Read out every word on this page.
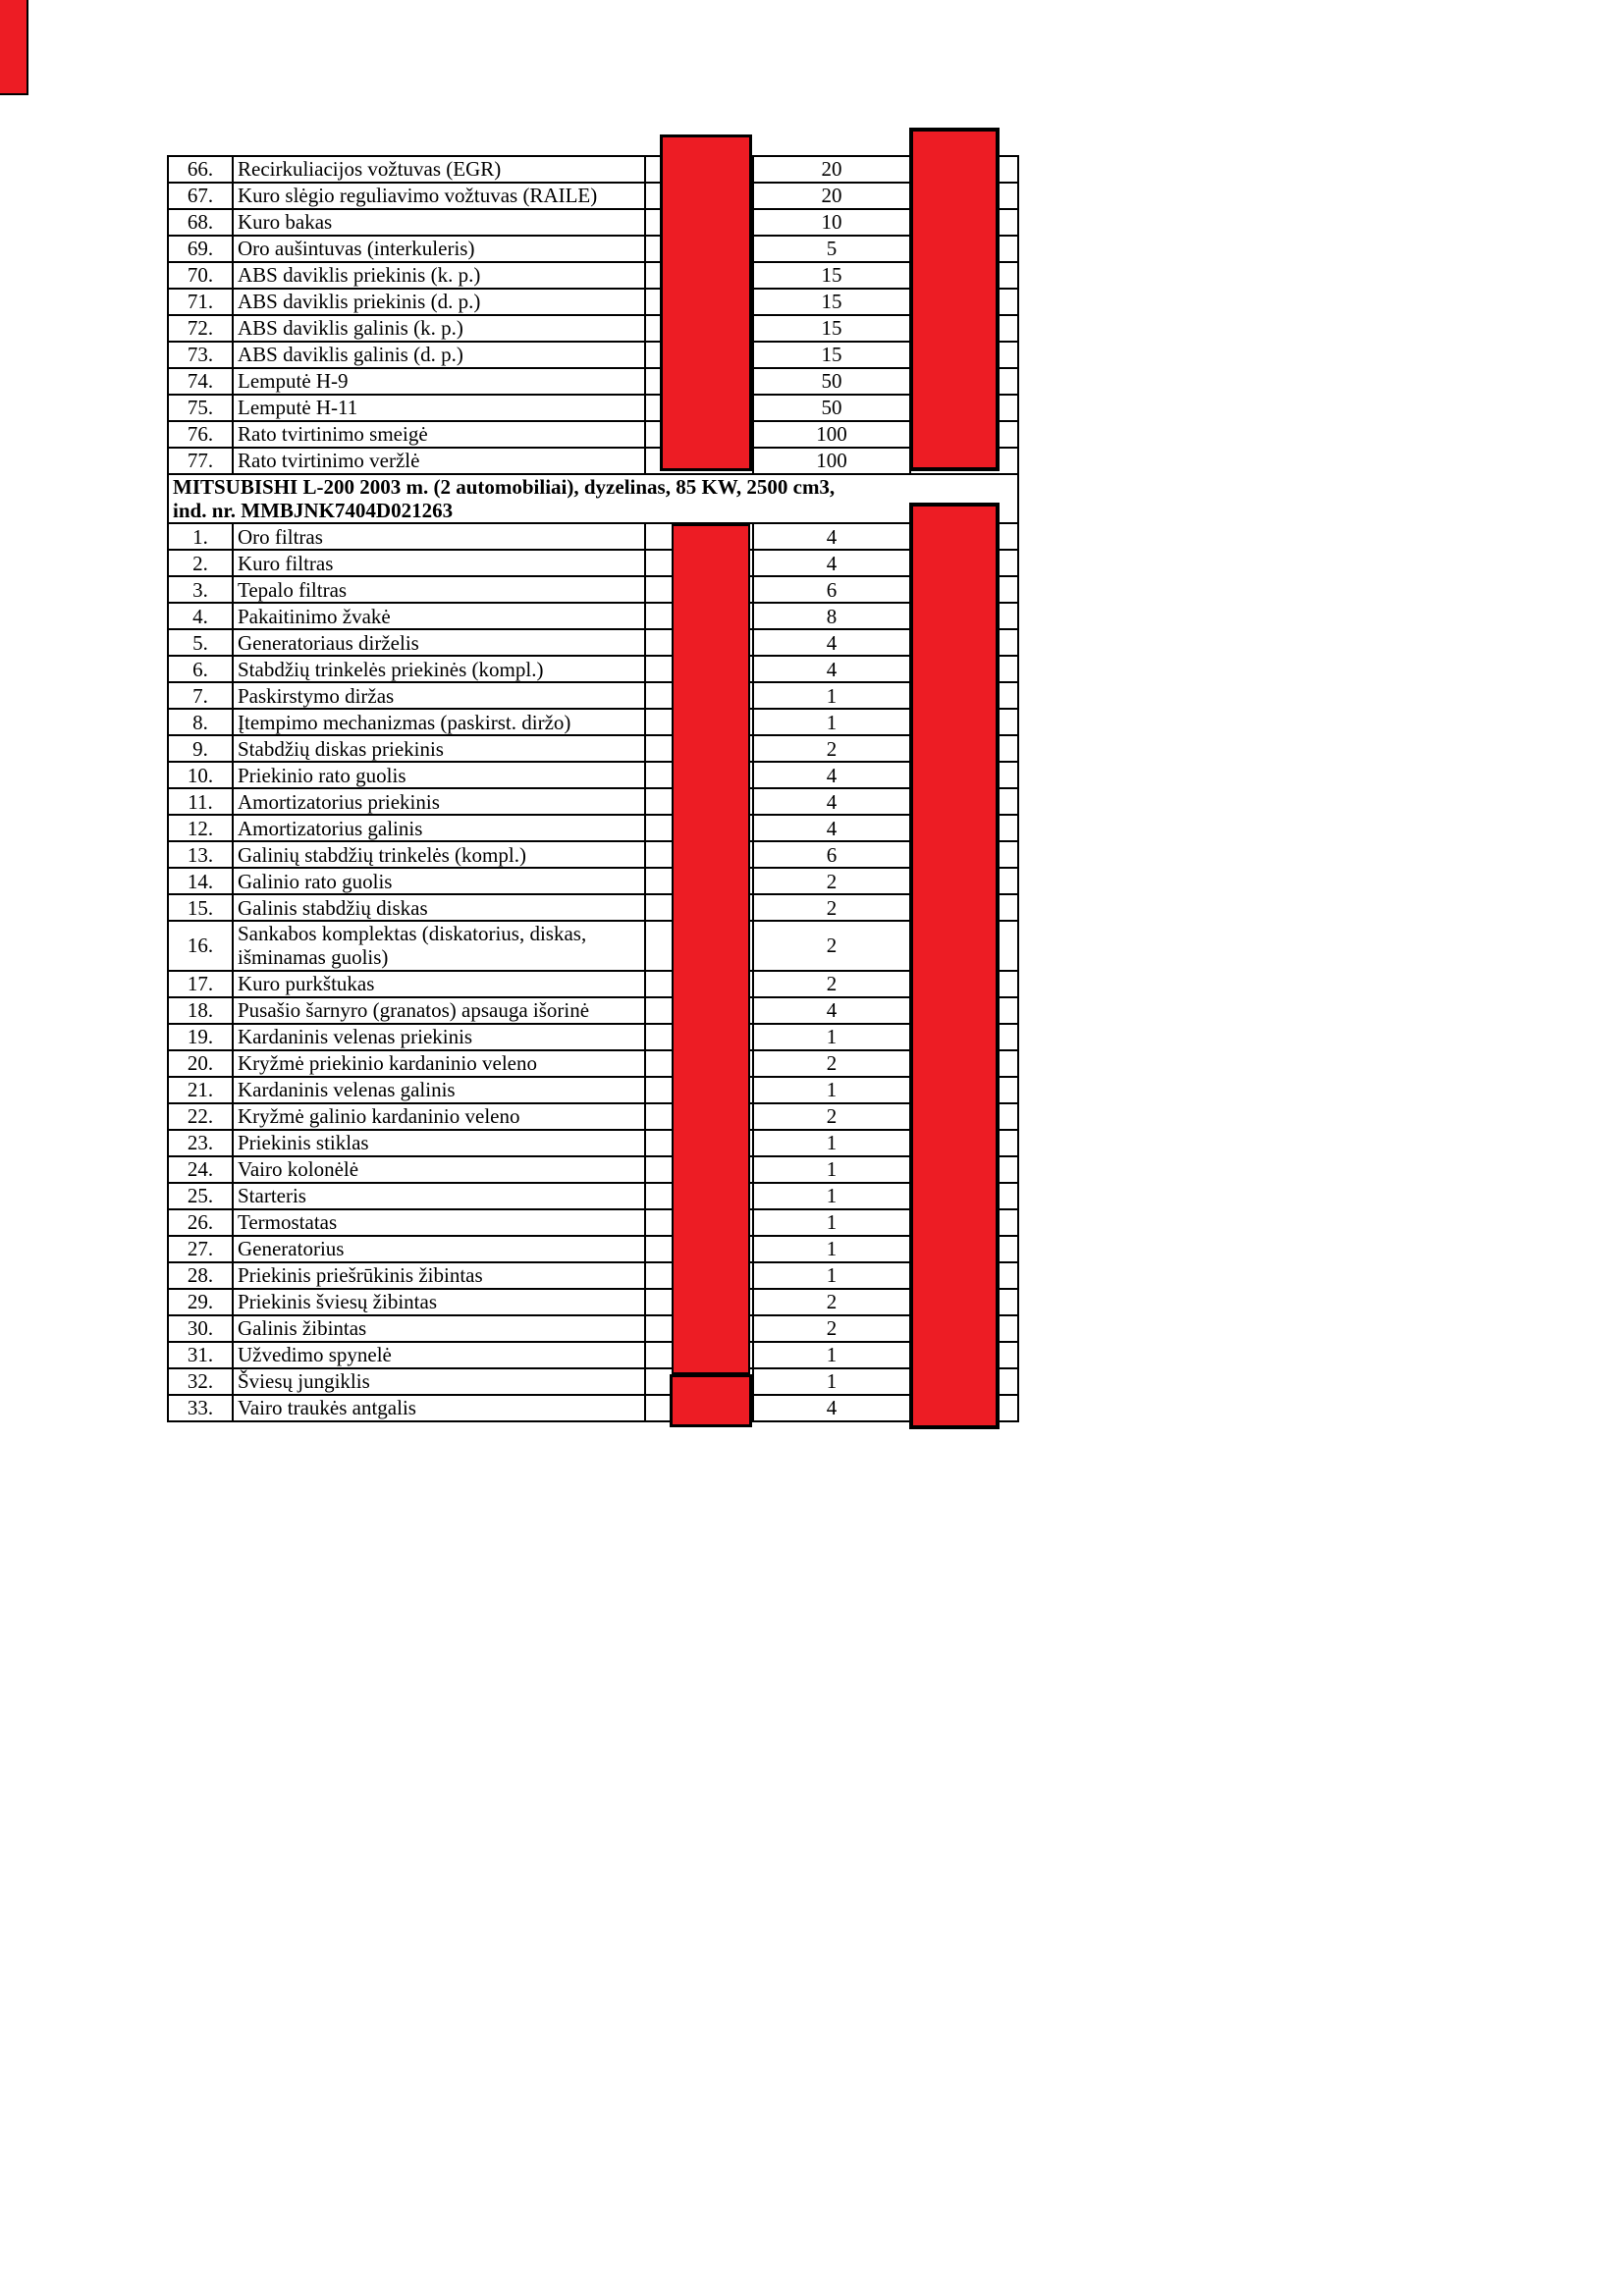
66.	Recirkuliacijos vožtuvas (EGR)		20	
67.	Kuro slėgio reguliavimo vožtuvas (RAILE)		20	
68.	Kuro bakas		10	
69.	Oro aušintuvas (interkuleris)		5	
70.	ABS daviklis priekinis (k. p.)		15	
71.	ABS daviklis priekinis (d. p.)		15	
72.	ABS daviklis galinis (k. p.)		15	
73.	ABS daviklis galinis (d. p.)		15	
74.	Lemputė H-9		50	
75.	Lemputė H-11		50	
76.	Rato tvirtinimo smeigė		100	
77.	Rato tvirtinimo veržlė		100	

MITSUBISHI L-200 2003 m. (2 automobiliai), dyzelinas, 85 KW, 2500 cm3,
ind. nr. MMBJNK7404D021263				

1.	Oro filtras		4	
2.	Kuro filtras		4	
3.	Tepalo filtras		6	
4.	Pakaitinimo žvakė		8	
5.	Generatoriaus dirželis		4	
6.	Stabdžių trinkelės priekinės (kompl.)		4	
7.	Paskirstymo diržas		1	
8.	Įtempimo mechanizmas (paskirst. diržo)		1	
9.	Stabdžių diskas priekinis		2	
10.	Priekinio rato guolis		4	
11.	Amortizatorius priekinis		4	
12.	Amortizatorius galinis		4	
13.	Galinių stabdžių trinkelės (kompl.)		6	
14.	Galinio rato guolis		2	
15.	Galinis stabdžių diskas		2	
16.	Sankabos komplektas (diskatorius, diskas, išminamas guolis)		2	
17.	Kuro purkštukas		2	
18.	Pusašio šarnyro (granatos) apsauga išorinė		4	
19.	Kardaninis velenas priekinis		1	
20.	Kryžmė priekinio kardaninio veleno		2	
21.	Kardaninis velenas galinis		1	
22.	Kryžmė galinio kardaninio veleno		2	
23.	Priekinis stiklas		1	
24.	Vairo kolonėlė		1	
25.	Starteris		1	
26.	Termostatas		1	
27.	Generatorius		1	
28.	Priekinis priešrūkinis žibintas		1	
29.	Priekinis šviesų žibintas		2	
30.	Galinis žibintas		2	
31.	Užvedimo spynelė		1	
32.	Šviesų jungiklis		1	
33.	Vairo traukės antgalis		4	
